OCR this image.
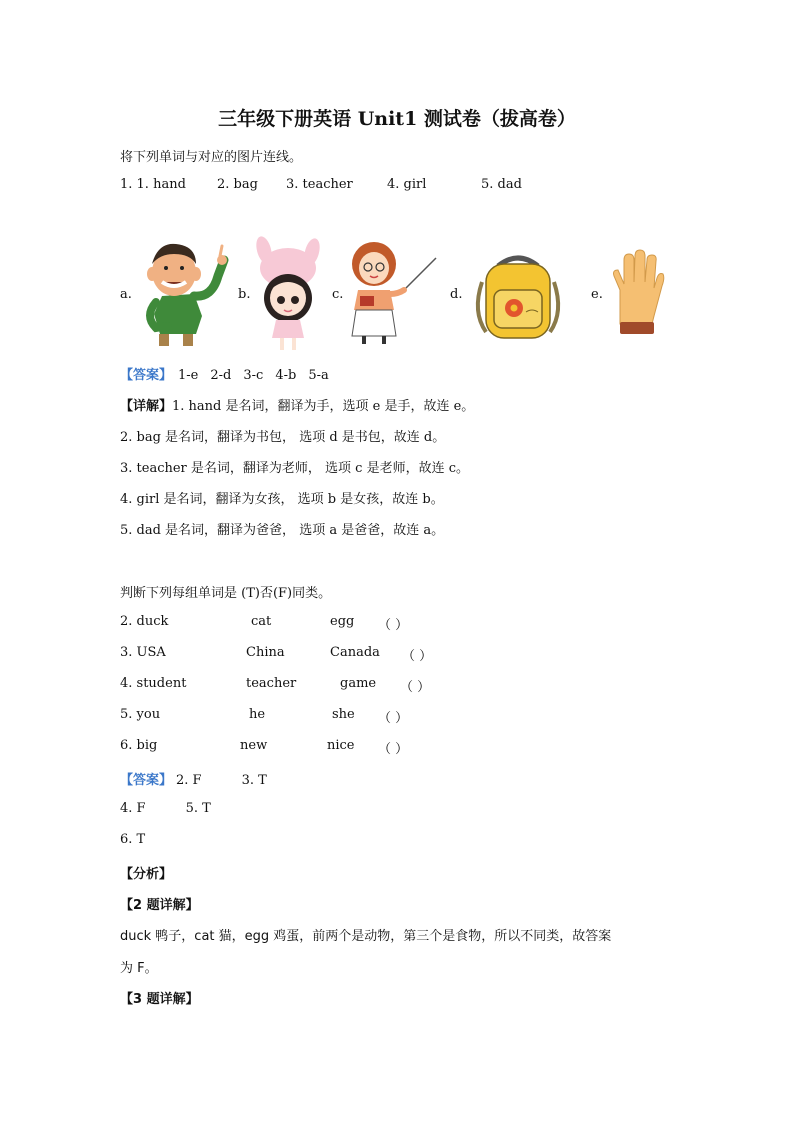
三年级下册英语 Unit1 测试卷（拔高卷）
将下列单词与对应的图片连线。
1. 1. hand 2. bag 3. teacher	4. girl	5. dad
a.	b.	c.	d.	e.
【答案】 1-e 2-d 3-c 4-b 5-a
【详解】1. hand 是名词，翻译为手，选项 e 是手，故连 e。
2. bag 是名词，翻译为书包， 选项 d 是书包，故连 d。
3. teacher 是名词，翻译为老师， 选项 c 是老师，故连 c。
4. girl 是名词，翻译为女孩， 选项 b 是女孩，故连 b。
5. dad 是名词，翻译为爸爸， 选项 a 是爸爸，故连 a。
判断下列每组单词是 (T)否(F)同类。
2. duck	cat	egg （ ）
3. USA	China	Canada （ ）
4. student	teacher	game （ ）
5. you	he	she （ ）
6. big	new	nice （ ）
【答案】 2. F	3. T
4. F	5. T
6. T
【分析】
【2 题详解】
duck 鸭子，cat 猫，egg 鸡蛋，前两个是动物，第三个是食物，所以不同类，故答案
为 F。
【3 题详解】
